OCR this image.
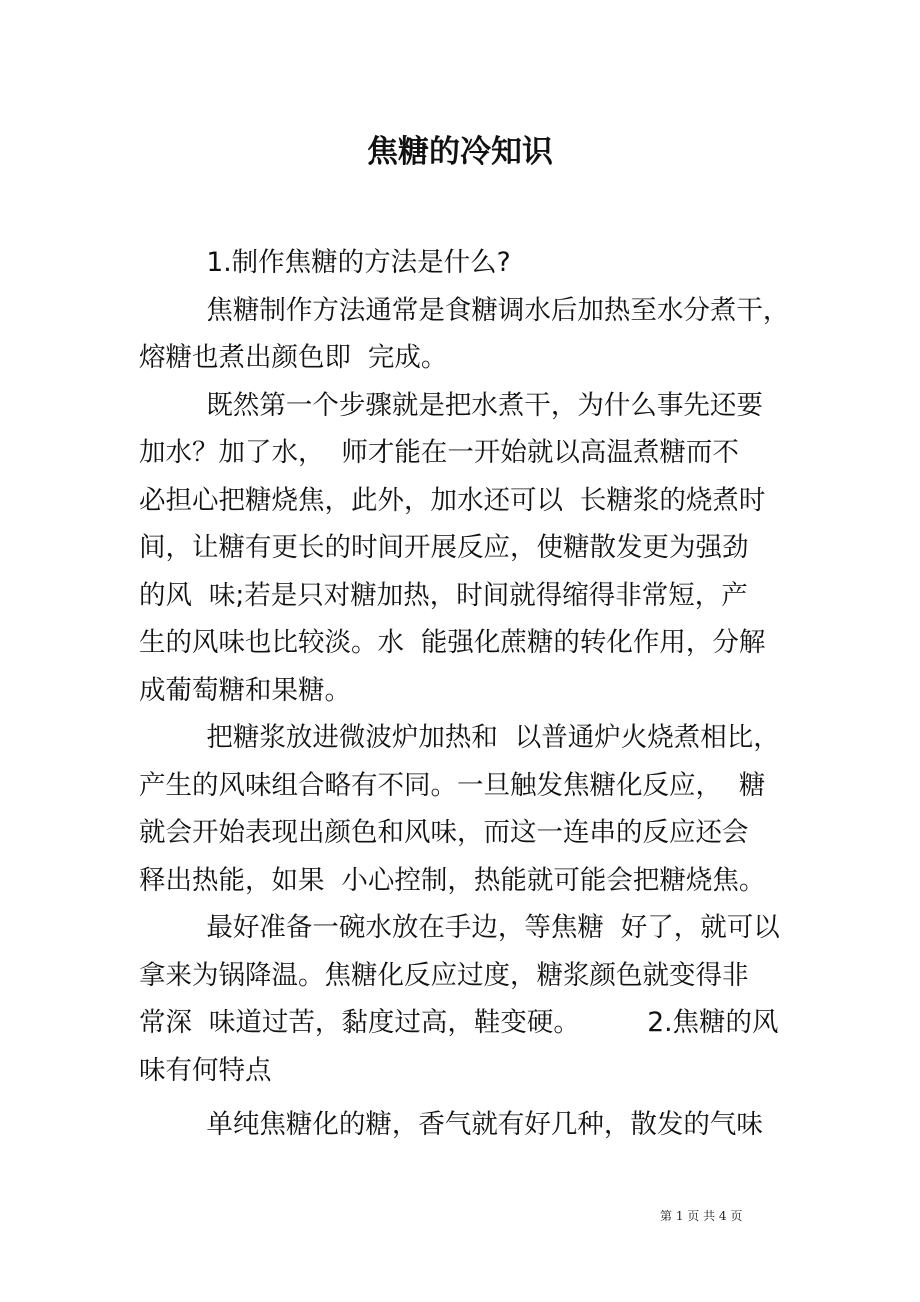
焦糖的冷知识
1.制作焦糖的方法是什么?
焦糖制作方法通常是食糖调水后加热至水分煮干，
熔糖也煮出颜色即  完成。
既然第一个步骤就是把水煮干，为什么事先还要
加水？加了水，  师才能在一开始就以高温煮糖而不
必担心把糖烧焦，此外，加水还可以  长糖浆的烧煮时
间，让糖有更长的时间开展反应，使糖散发更为强劲
的风  味;若是只对糖加热，时间就得缩得非常短，产
生的风味也比较淡。水  能强化蔗糖的转化作用，分解
成葡萄糖和果糖。
把糖浆放进微波炉加热和  以普通炉火烧煮相比，
产生的风味组合略有不同。一旦触发焦糖化反应，  糖
就会开始表现出颜色和风味，而这一连串的反应还会
释出热能，如果  小心控制，热能就可能会把糖烧焦。
最好准备一碗水放在手边，等焦糖  好了，就可以
拿来为锅降温。焦糖化反应过度，糖浆颜色就变得非
常深  味道过苦，黏度过高，鞋变硬。        2.焦糖的风
味有何特点
单纯焦糖化的糖，香气就有好几种，散发的气味
第 1 页 共 4 页
